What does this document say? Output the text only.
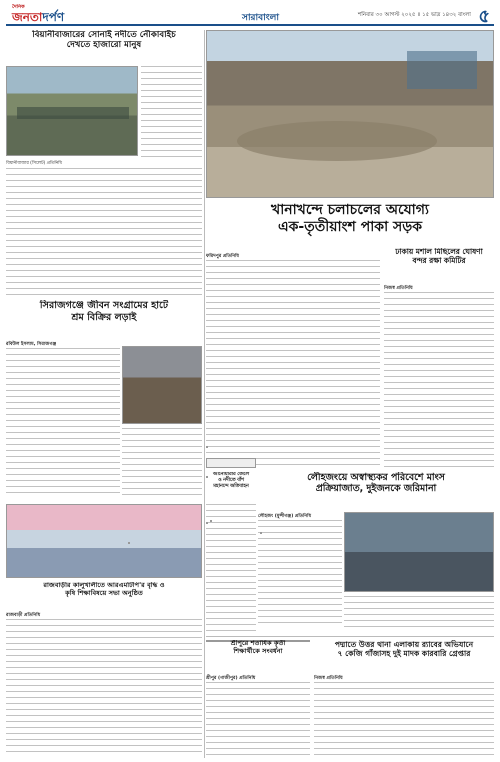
দৈনিক
জনতাদর্পণ	সারাবাংলা	শনিবার ৩০ আগস্ট ২০২৫ ॥ ১৫ ভাদ্র ১৪৩২ বাংলা ৫
বিয়ানীবাজারের সোনাই নদীতে নৌকাবাইচ
দেখতে হাজারো মানুষ
বিয়ানীবাজার (সিলেট) প্রতিনিধি
সিরাজগঞ্জে জীবন সংগ্রামের হাটে
শ্রম বিক্রির লড়াই
রবিউল ইসলাম, সিরাজগঞ্জ
রাজবাড়ীর কালুখালীতে আরএমটিপি'র বৃদ্ধি ও
কৃষি শিক্ষাবিষয়ে সভা অনুষ্ঠিত
রাজবাড়ী প্রতিনিধি
খানাখন্দে চলাচলের অযোগ্য
এক-তৃতীয়াংশ পাকা সড়ক
ফরিদপুর প্রতিনিধি
ঢাকায় মশাল মিছিলের ঘোষণা
বন্দর রক্ষা কমিটির
নিজস্ব প্রতিনিধি
লৌহজংয়ে অস্বাস্থ্যকর পরিবেশে মাংস
প্রক্রিয়াজাত, দুইজনকে জরিমানা
লৌহজং (মুন্সীগঞ্জ) প্রতিনিধি
আনোয়ারার জেলে
ও নদীতে বাঁশ
মহানন্দে অতিবাহন
পদ্মাতে উত্তর থানা এলাকায় র‍্যাবের অভিযানে
৭ কেজি গাঁজাসহ দুই মাদক কারবারি গ্রেপ্তার
নিজস্ব প্রতিনিধি
শ্রীপুরে শতাধিক কৃতী
শিক্ষার্থীকে সংবর্ধনা
শ্রীপুর (গাজীপুর) প্রতিনিধি
